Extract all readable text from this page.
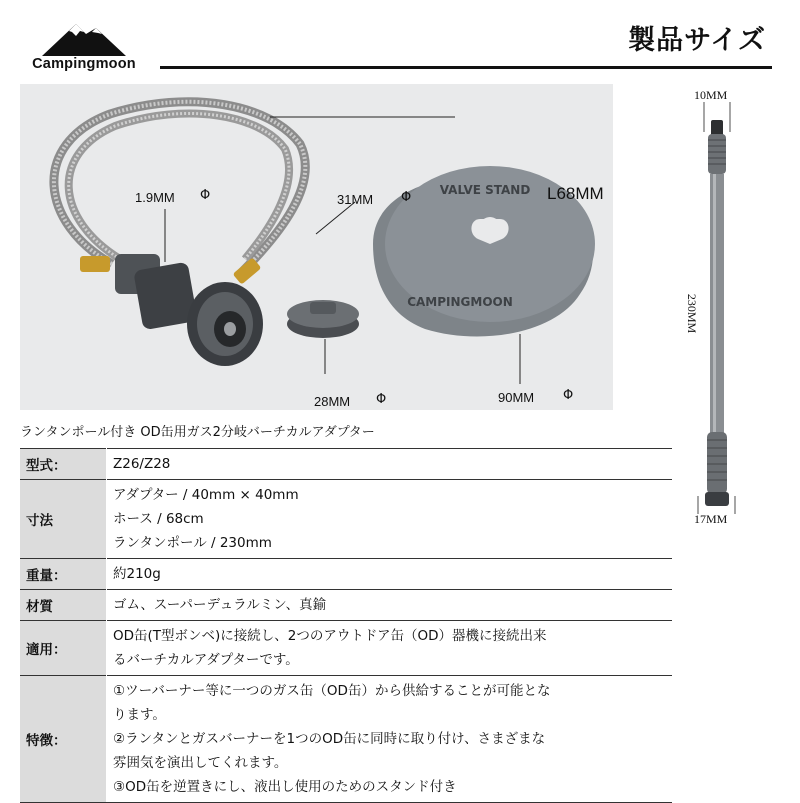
Campingmoon
製品サイズ
VALVE STAND
CAMPINGMOON
L68MM
1.9MM Φ	31MM Φ
28MM Φ	90MM Φ
ランタンポール付き OD缶用ガス2分岐バーチカルアダプター
型式：	Z26/Z28

寸法	アダプター / 40mm × 40mm
ホース / 68cm
ランタンポール / 230mm

重量：	約210g

材質	ゴム、スーパーデュラルミン、真鍮

適用：	OD缶(T型ボンベ)に接続し、2つのアウトドア缶（OD）器機に接続出来
るバーチカルアダプターです。

特徴：	①ツーバーナー等に一つのガス缶（OD缶）から供給することが可能とな
ります。
②ランタンとガスバーナーを1つのOD缶に同時に取り付け、さまざまな
雰囲気を演出してくれます。
③OD缶を逆置きにし、液出し使用のためのスタンド付き
10MM
230MM
17MM
